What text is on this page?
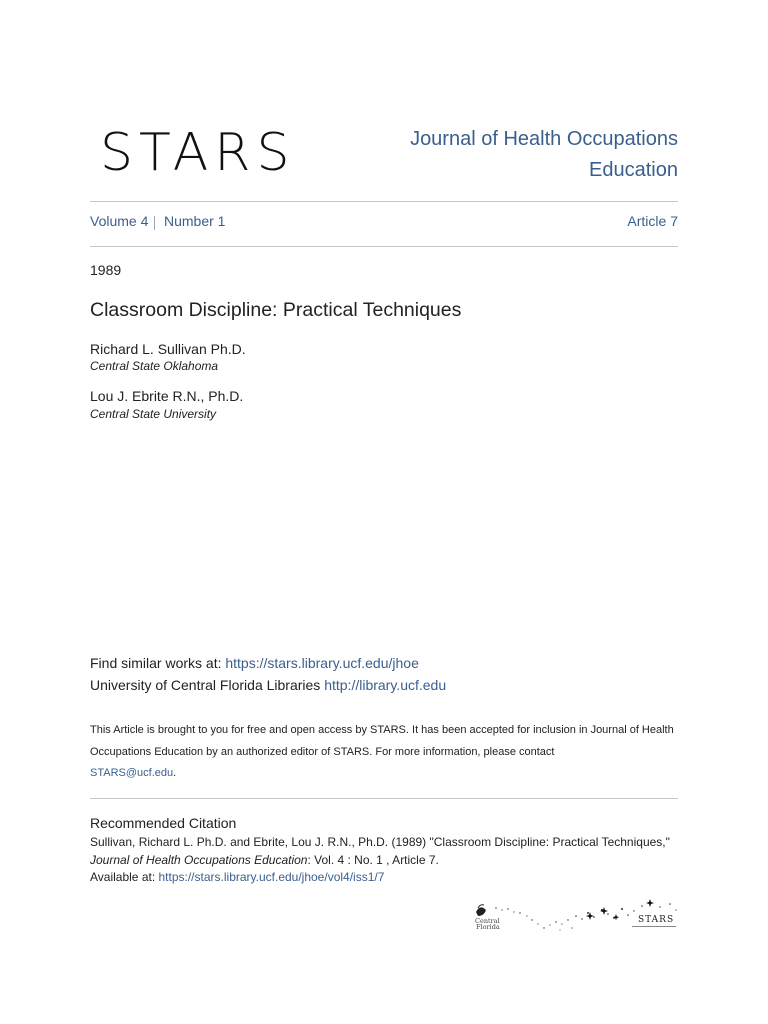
STARS	Journal of Health Occupations
Education
Volume 4 Number 1	Article 7
1989
Classroom Discipline: Practical Techniques
Richard L. Sullivan Ph.D.
Central State Oklahoma
Lou J. Ebrite R.N., Ph.D.
Central State University
Find similar works at: https://stars.library.ucf.edu/jhoe
University of Central Florida Libraries http://library.ucf.edu
This Article is brought to you for free and open access by STARS. It has been accepted for inclusion in Journal of Health Occupations Education by an authorized editor of STARS. For more information, please contact
STARS@ucf.edu.
Recommended Citation
Sullivan, Richard L. Ph.D. and Ebrite, Lou J. R.N., Ph.D. (1989) "Classroom Discipline: Practical Techniques," Journal of Health Occupations Education: Vol. 4 : No. 1 , Article 7.
Available at: https://stars.library.ucf.edu/jhoe/vol4/iss1/7
Central
Florida
STARS
